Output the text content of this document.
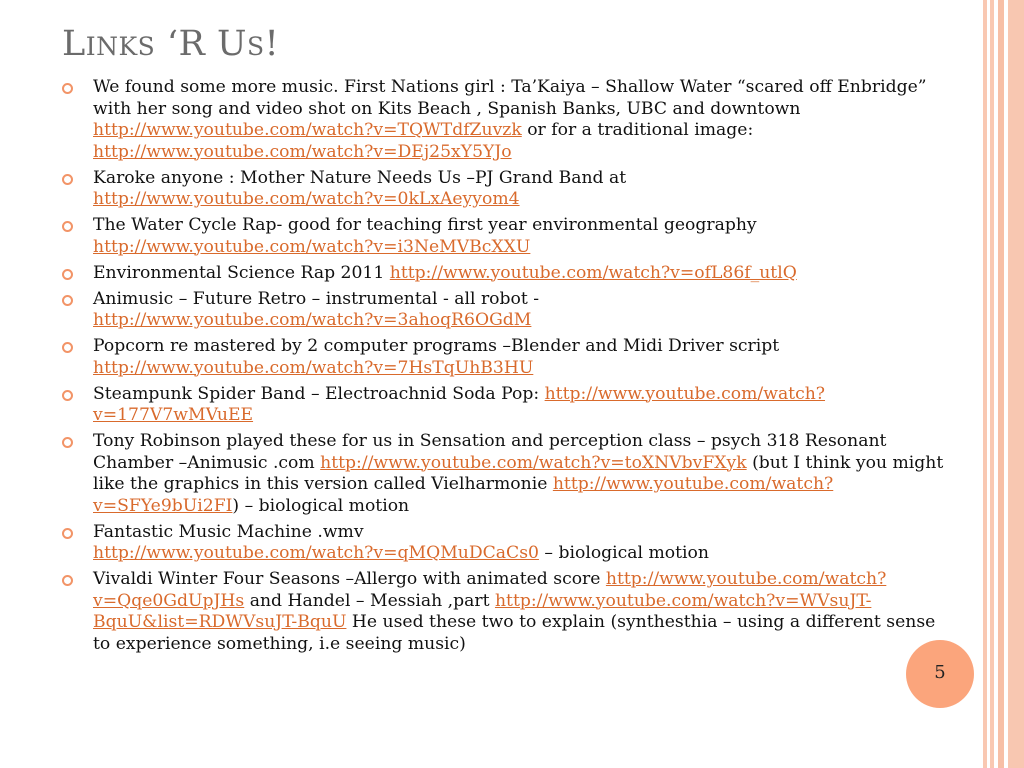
Links ‘R Us!
We found some more music. First Nations girl : Ta’Kaiya – Shallow Water “scared off Enbridge” with her song and video shot on Kits Beach , Spanish Banks, UBC and downtown http://www.youtube.com/watch?v=TQWTdfZuvzk or for a traditional image: http://www.youtube.com/watch?v=DEj25xY5YJo
Karoke anyone : Mother Nature Needs Us –PJ Grand Band at
http://www.youtube.com/watch?v=0kLxAeyyom4
The Water Cycle Rap- good for teaching first year environmental geography http://www.youtube.com/watch?v=i3NeMVBcXXU
Environmental Science Rap 2011 http://www.youtube.com/watch?v=ofL86f_utlQ
Animusic – Future Retro – instrumental - all robot -
http://www.youtube.com/watch?v=3ahoqR6OGdM
Popcorn re mastered by 2 computer programs –Blender and Midi Driver script http://www.youtube.com/watch?v=7HsTqUhB3HU
Steampunk Spider Band – Electroachnid Soda Pop: http://www.youtube.com/watch?v=177V7wMVuEE
Tony Robinson played these for us in Sensation and perception class – psych 318 Resonant Chamber –Animusic .com http://www.youtube.com/watch?v=toXNVbvFXyk (but I think you might like the graphics in this version called Vielharmonie http://www.youtube.com/watch?v=SFYe9bUi2FI) – biological motion
Fantastic Music Machine .wmv
http://www.youtube.com/watch?v=qMQMuDCaCs0 – biological motion
Vivaldi Winter Four Seasons –Allergo with animated score http://www.youtube.com/watch?v=Qqe0GdUpJHs and Handel – Messiah ,part http://www.youtube.com/watch?v=WVsuJT-BquU&list=RDWVsuJT-BquU He used these two to explain (synthesthia – using a different sense to experience something, i.e seeing music)
5
